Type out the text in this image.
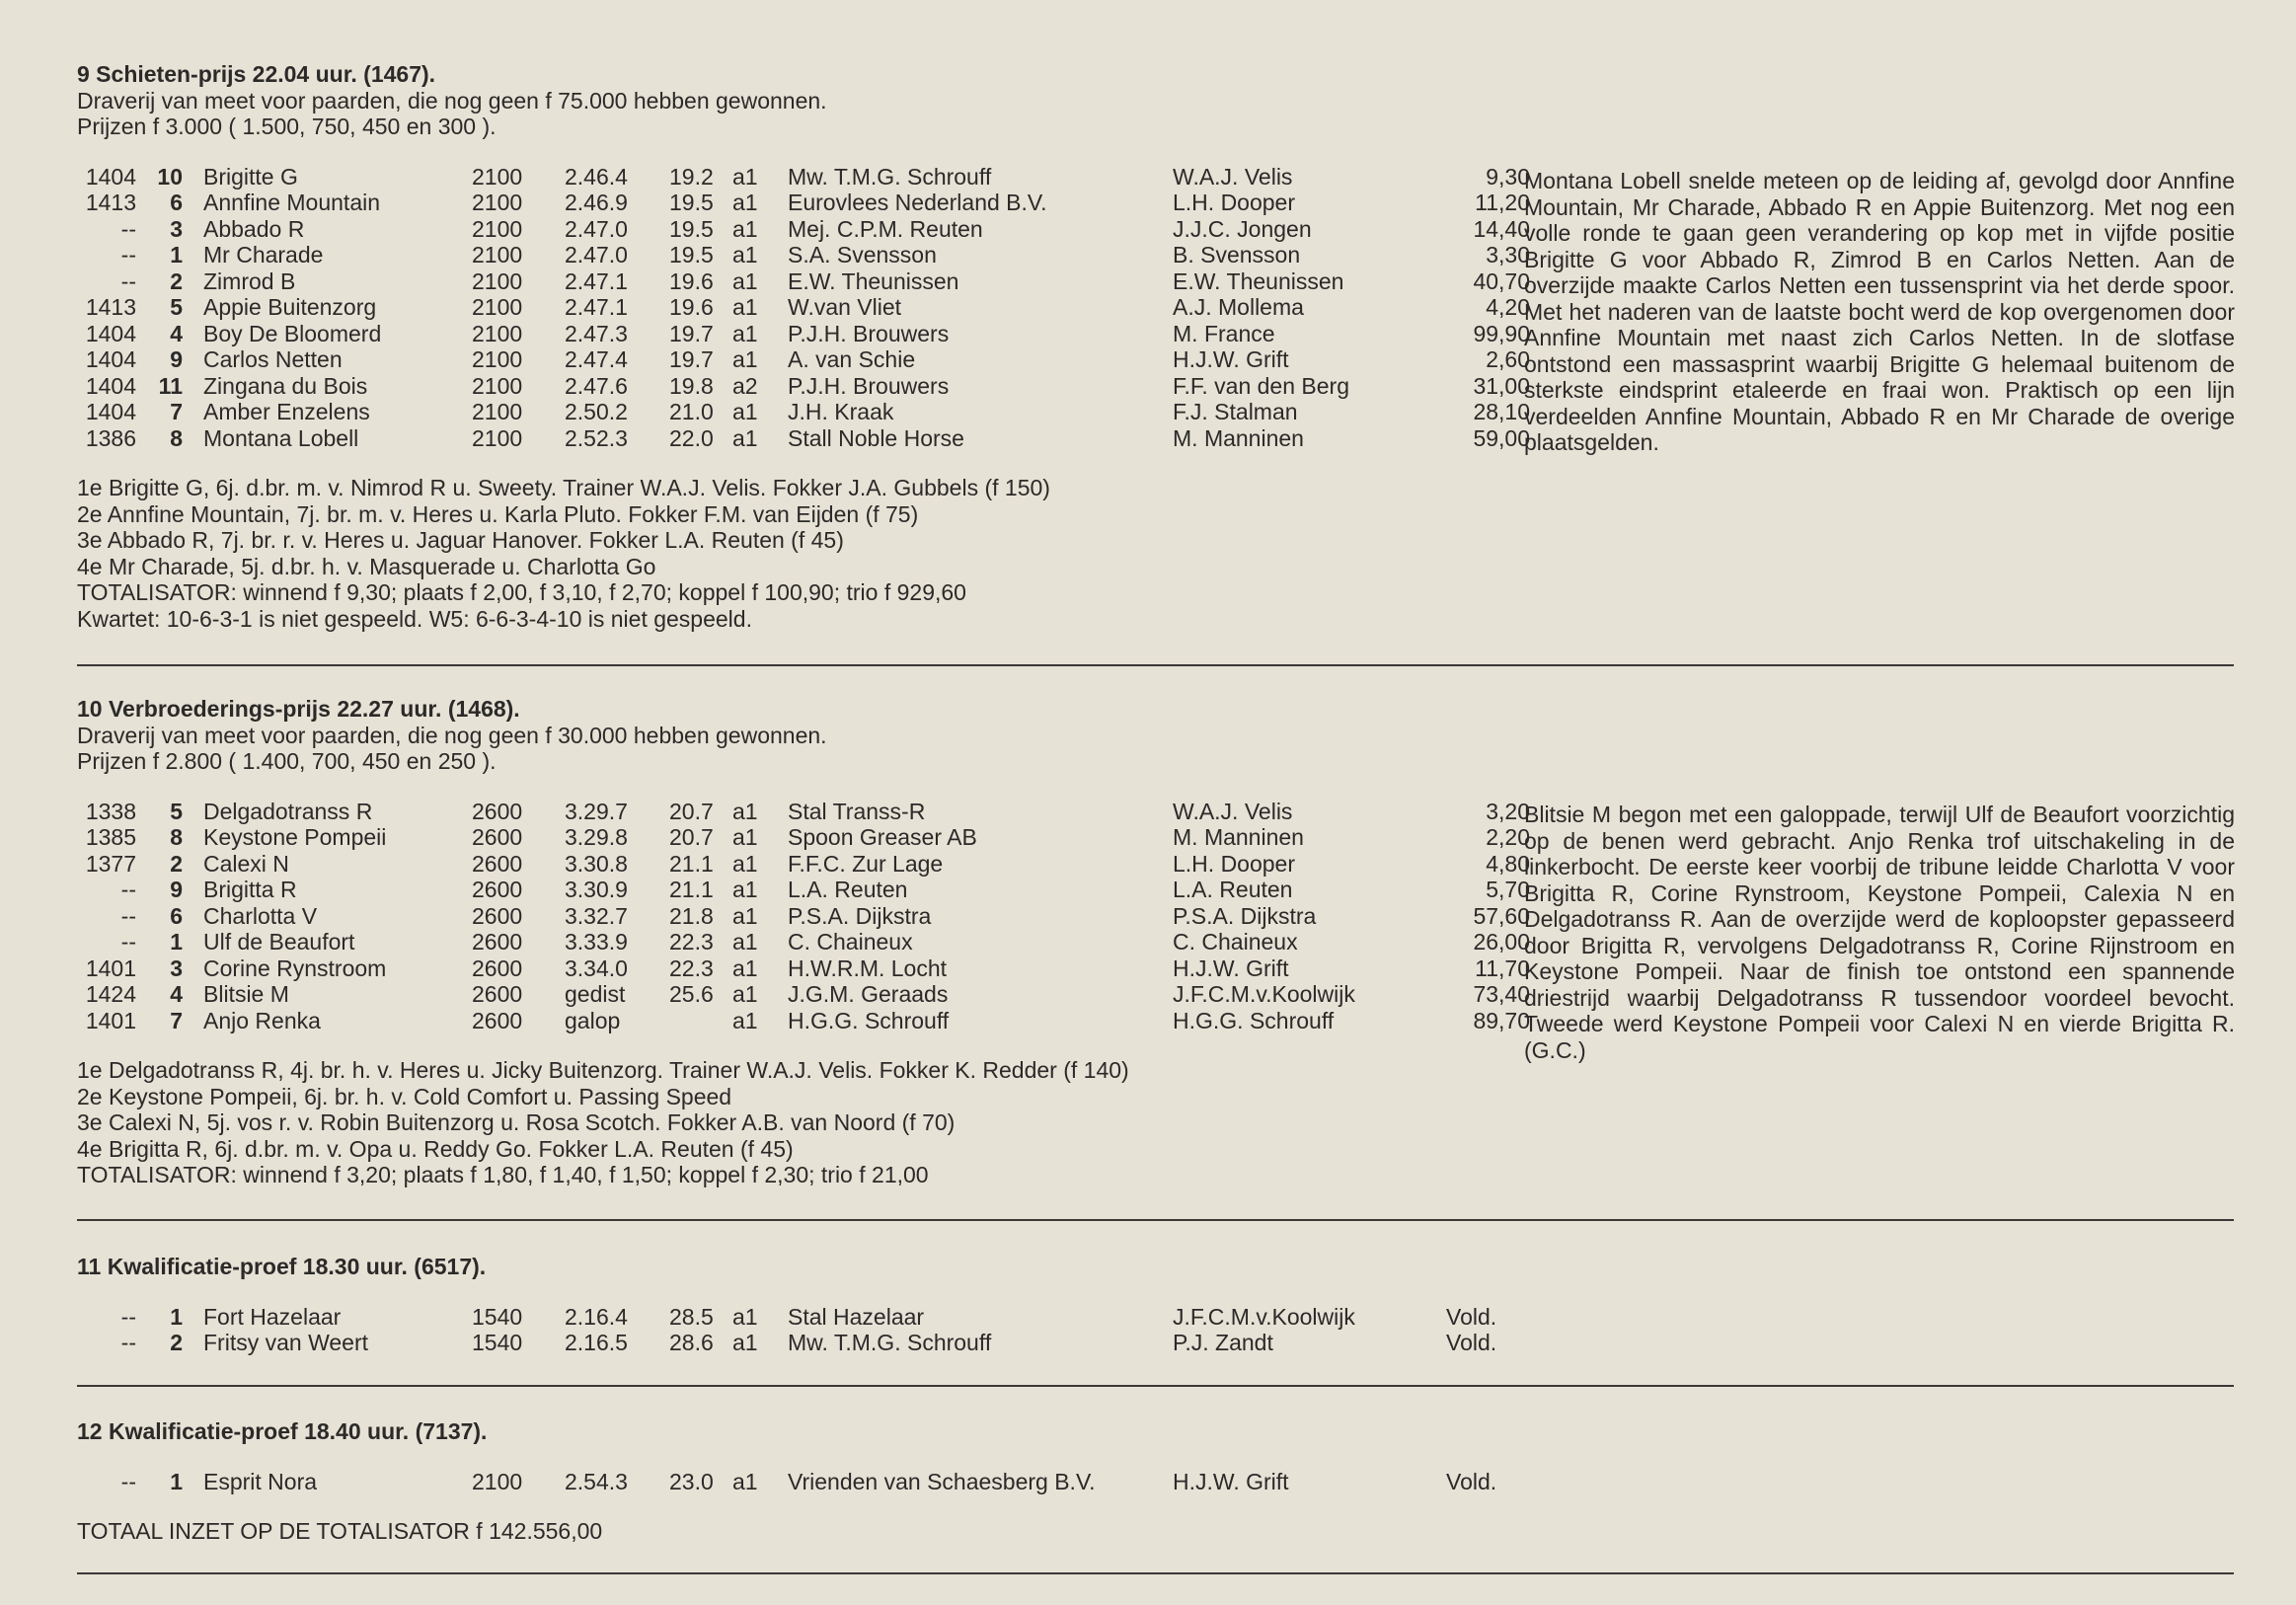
9 Schieten-prijs 22.04 uur. (1467).
Draverij van meet voor paarden, die nog geen f 75.000 hebben gewonnen.
Prijzen f 3.000 ( 1.500, 750, 450 en 300 ).
1404 10 Brigitte G	2100 2.46.4 19.2 a1 Mw. T.M.G. Schrouff	W.A.J. Velis	9,30
1413	6 Annfine Mountain	2100 2.46.9 19.5 a1 Eurovlees Nederland B.V.	L.H. Dooper	11,20
--	3 Abbado R	2100 2.47.0 19.5 a1 Mej. C.P.M. Reuten	J.J.C. Jongen	14,40
--	1 Mr Charade	2100 2.47.0 19.5 a1 S.A. Svensson	B. Svensson	3,30
--	2 Zimrod B	2100 2.47.1 19.6 a1 E.W. Theunissen	E.W. Theunissen	40,70
1413	5 Appie Buitenzorg	2100 2.47.1 19.6 a1 W.van Vliet	A.J. Mollema	4,20
1404	4 Boy De Bloomerd	2100 2.47.3 19.7 a1 P.J.H. Brouwers	M. France	99,90
1404	9 Carlos Netten	2100 2.47.4 19.7 a1 A. van Schie	H.J.W. Grift	2,60
1404 11 Zingana du Bois	2100 2.47.6 19.8 a2 P.J.H. Brouwers	F.F. van den Berg	31,00
1404	7 Amber Enzelens	2100 2.50.2 21.0 a1 J.H. Kraak	F.J. Stalman	28,10
1386	8 Montana Lobell	2100 2.52.3 22.0 a1 Stall Noble Horse	M. Manninen	59,00
1e Brigitte G, 6j. d.br. m. v. Nimrod R u. Sweety. Trainer W.A.J. Velis. Fokker J.A. Gubbels (f 150)
2e Annfine Mountain, 7j. br. m. v. Heres u. Karla Pluto. Fokker F.M. van Eijden (f 75)
3e Abbado R, 7j. br. r. v. Heres u. Jaguar Hanover. Fokker L.A. Reuten (f 45)
4e Mr Charade, 5j. d.br. h. v. Masquerade u. Charlotta Go
TOTALISATOR: winnend f 9,30; plaats f 2,00, f 3,10, f 2,70; koppel f 100,90; trio f 929,60
Kwartet: 10-6-3-1 is niet gespeeld. W5: 6-6-3-4-10 is niet gespeeld.
Montana Lobell snelde meteen op de leiding af, gevolgd door Annfine Mountain, Mr Charade, Abbado R en Appie Buitenzorg. Met nog een volle ronde te gaan geen verandering op kop met in vijfde positie Brigitte G voor Abbado R, Zimrod B en Carlos Netten. Aan de overzijde maakte Carlos Netten een tussensprint via het derde spoor. Met het naderen van de laatste bocht werd de kop overgenomen door Annfine Mountain met naast zich Carlos Netten. In de slotfase ontstond een massasprint waarbij Brigitte G helemaal buitenom de sterkste eindsprint etaleerde en fraai won. Praktisch op een lijn verdeelden Annfine Mountain, Abbado R en Mr Charade de overige plaatsgelden.
10 Verbroederings-prijs 22.27 uur. (1468).
Draverij van meet voor paarden, die nog geen f 30.000 hebben gewonnen.
Prijzen f 2.800 ( 1.400, 700, 450 en 250 ).
1338	5 Delgadotranss R	2600 3.29.7 20.7 a1 Stal Transs-R	W.A.J. Velis	3,20
1385	8 Keystone Pompeii	2600 3.29.8 20.7 a1 Spoon Greaser AB	M. Manninen	2,20
1377	2 Calexi N	2600 3.30.8 21.1 a1 F.F.C. Zur Lage	L.H. Dooper	4,80
--	9 Brigitta R	2600 3.30.9 21.1 a1 L.A. Reuten	L.A. Reuten	5,70
--	6 Charlotta V	2600 3.32.7 21.8 a1 P.S.A. Dijkstra	P.S.A. Dijkstra	57,60
--	1 Ulf de Beaufort	2600 3.33.9 22.3 a1 C. Chaineux	C. Chaineux	26,00
1401	3 Corine Rynstroom	2600 3.34.0 22.3 a1 H.W.R.M. Locht	H.J.W. Grift	11,70
1424	4 Blitsie M	2600 gedist 25.6 a1 J.G.M. Geraads	J.F.C.M.v.Koolwijk	73,40
1401	7 Anjo Renka	2600 galop	a1 H.G.G. Schrouff	H.G.G. Schrouff	89,70
1e Delgadotranss R, 4j. br. h. v. Heres u. Jicky Buitenzorg. Trainer W.A.J. Velis. Fokker K. Redder (f 140)
2e Keystone Pompeii, 6j. br. h. v. Cold Comfort u. Passing Speed
3e Calexi N, 5j. vos r. v. Robin Buitenzorg u. Rosa Scotch. Fokker A.B. van Noord (f 70)
4e Brigitta R, 6j. d.br. m. v. Opa u. Reddy Go. Fokker L.A. Reuten (f 45)
TOTALISATOR: winnend f 3,20; plaats f 1,80, f 1,40, f 1,50; koppel f 2,30; trio f 21,00
Blitsie M begon met een galoppade, terwijl Ulf de Beaufort voorzichtig op de benen werd gebracht. Anjo Renka trof uitschakeling in de linkerbocht. De eerste keer voorbij de tribune leidde Charlotta V voor Brigitta R, Corine Rynstroom, Keystone Pompeii, Calexia N en Delgadotranss R. Aan de overzijde werd de koploopster gepasseerd door Brigitta R, vervolgens Delgadotranss R, Corine Rijnstroom en Keystone Pompeii. Naar de finish toe ontstond een spannende driestrijd waarbij Delgadotranss R tussendoor voordeel bevocht. Tweede werd Keystone Pompeii voor Calexi N en vierde Brigitta R. (G.C.)
11 Kwalificatie-proef 18.30 uur. (6517).
--	1 Fort Hazelaar	1540 2.16.4 28.5 a1 Stal Hazelaar	J.F.C.M.v.Koolwijk	Vold.
--	2 Fritsy van Weert	1540 2.16.5 28.6 a1 Mw. T.M.G. Schrouff	P.J. Zandt	Vold.
12 Kwalificatie-proef 18.40 uur. (7137).
--	1 Esprit Nora	2100 2.54.3 23.0 a1 Vrienden van Schaesberg B.V.	H.J.W. Grift	Vold.
TOTAAL INZET OP DE TOTALISATOR f 142.556,00
